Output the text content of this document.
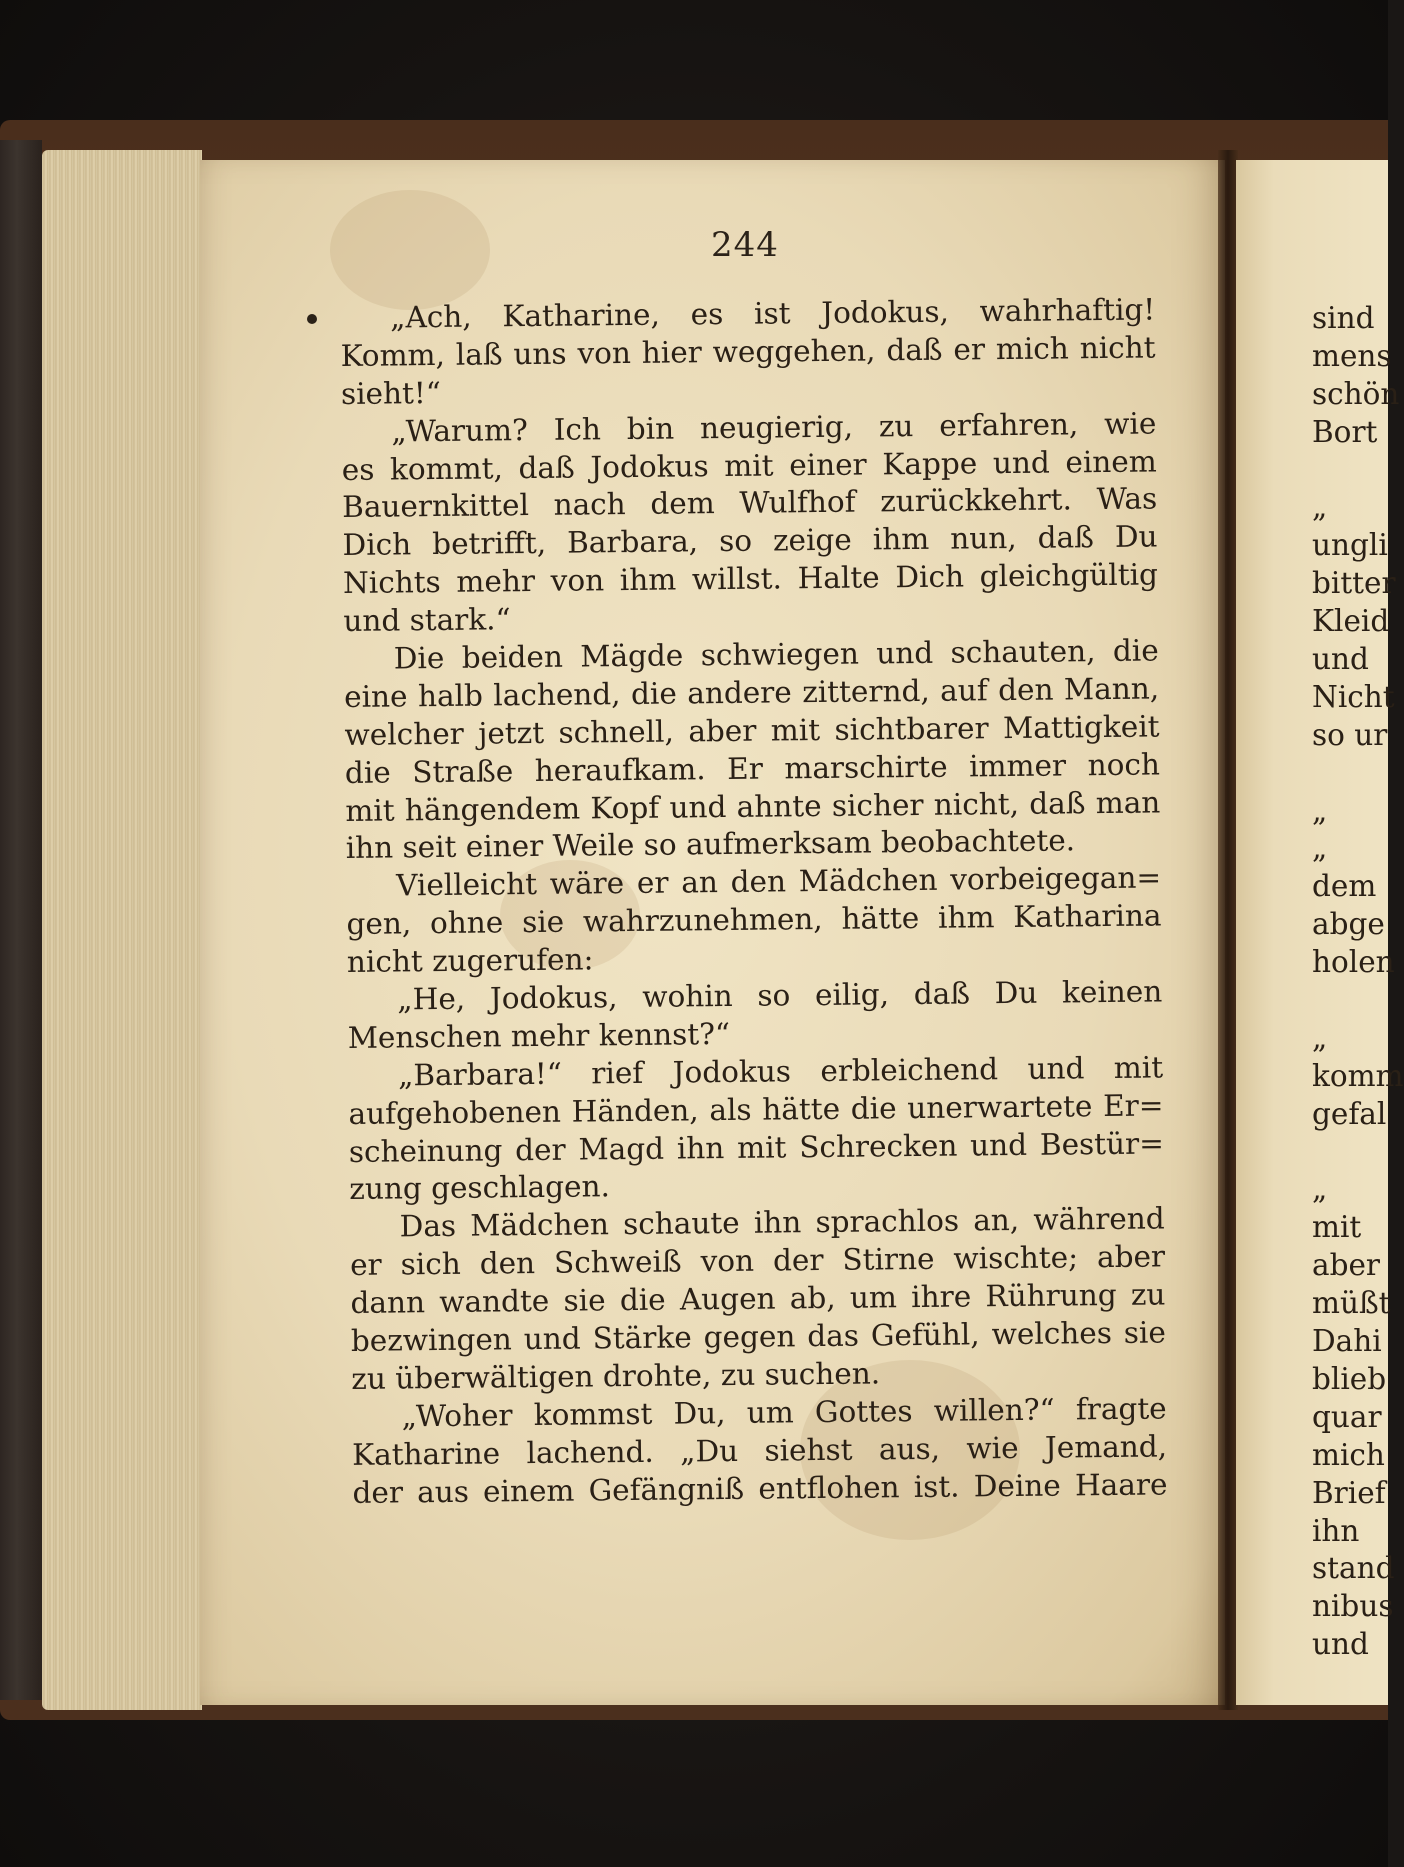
244
„Ach, Katharine, es ist Jodokus, wahrhaftig!
Komm, laß uns von hier weggehen, daß er mich nicht
sieht!“
„Warum? Ich bin neugierig, zu erfahren, wie
es kommt, daß Jodokus mit einer Kappe und einem
Bauernkittel nach dem Wulfhof zurückkehrt. Was
Dich betrifft, Barbara, so zeige ihm nun, daß Du
Nichts mehr von ihm willst. Halte Dich gleichgültig
und stark.“
Die beiden Mägde schwiegen und schauten, die
eine halb lachend, die andere zitternd, auf den Mann,
welcher jetzt schnell, aber mit sichtbarer Mattigkeit
die Straße heraufkam. Er marschirte immer noch
mit hängendem Kopf und ahnte sicher nicht, daß man
ihn seit einer Weile so aufmerksam beobachtete.
Vielleicht wäre er an den Mädchen vorbeigegan=
gen, ohne sie wahrzunehmen, hätte ihm Katharina
nicht zugerufen:
„He, Jodokus, wohin so eilig, daß Du keinen
Menschen mehr kennst?“
„Barbara!“ rief Jodokus erbleichend und mit
aufgehobenen Händen, als hätte die unerwartete Er=
scheinung der Magd ihn mit Schrecken und Bestür=
zung geschlagen.
Das Mädchen schaute ihn sprachlos an, während
er sich den Schweiß von der Stirne wischte; aber
dann wandte sie die Augen ab, um ihre Rührung zu
bezwingen und Stärke gegen das Gefühl, welches sie
zu überwältigen drohte, zu suchen.
„Woher kommst Du, um Gottes willen?“ fragte
Katharine lachend. „Du siehst aus, wie Jemand,
der aus einem Gefängniß entflohen ist. Deine Haare
sind
mens
schön
Bort
„
ungli
bitter
Kleid
und
Nicht
so ur
„
„
dem
abge
holen
„
komm
gefal
„
mit
aber
müßt
Dahi
blieb
quar
mich
Brief
ihn
stand
nibus
und
